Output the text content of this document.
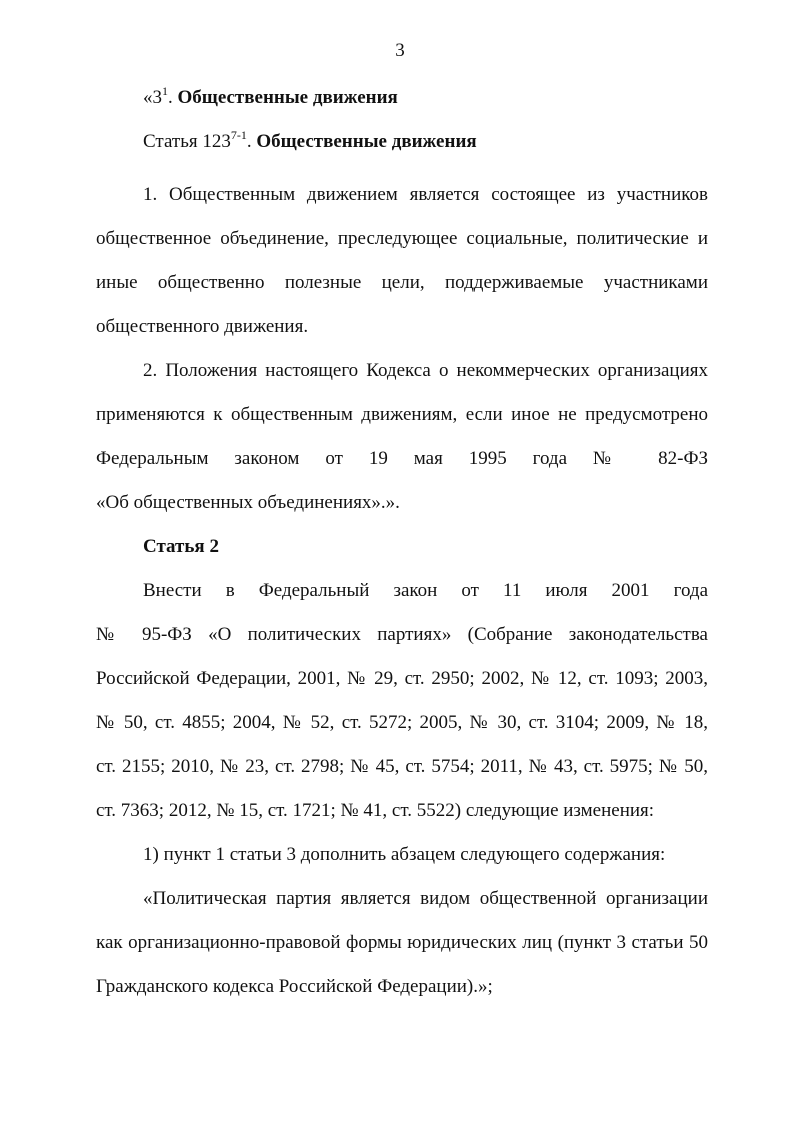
3

«$3^1$. Общественные движения

Статья 123$^{7-1}$. Общественные движения

1. Общественным движением является состоящее из участников
общественное объединение, преследующее социальные, политические и
иные общественно полезные цели, поддерживаемые участниками
общественного движения.
2. Положения настоящего Кодекса о некоммерческих организациях
применяются к общественным движениям, если иное не предусмотрено
Федеральным законом от 19 мая 1995 года № 82-ФЗ
«Об общественных объединениях».».

Статья 2

Внести в Федеральный закон от 11 июля 2001 года
№ 95-ФЗ «О политических партиях» (Собрание законодательства
Российской Федерации, 2001, № 29, ст. 2950; 2002, № 12, ст. 1093; 2003,
№ 50, ст. 4855; 2004, № 52, ст. 5272; 2005, № 30, ст. 3104; 2009, № 18,
ст. 2155; 2010, № 23, ст. 2798; № 45, ст. 5754; 2011, № 43, ст. 5975; № 50,
ст. 7363; 2012, № 15, ст. 1721; № 41, ст. 5522) следующие изменения:
1) пункт 1 статьи 3 дополнить абзацем следующего содержания:
«Политическая партия является видом общественной организации
как организационно-правовой формы юридических лиц (пункт 3 статьи 50
Гражданского кодекса Российской Федерации).»;
